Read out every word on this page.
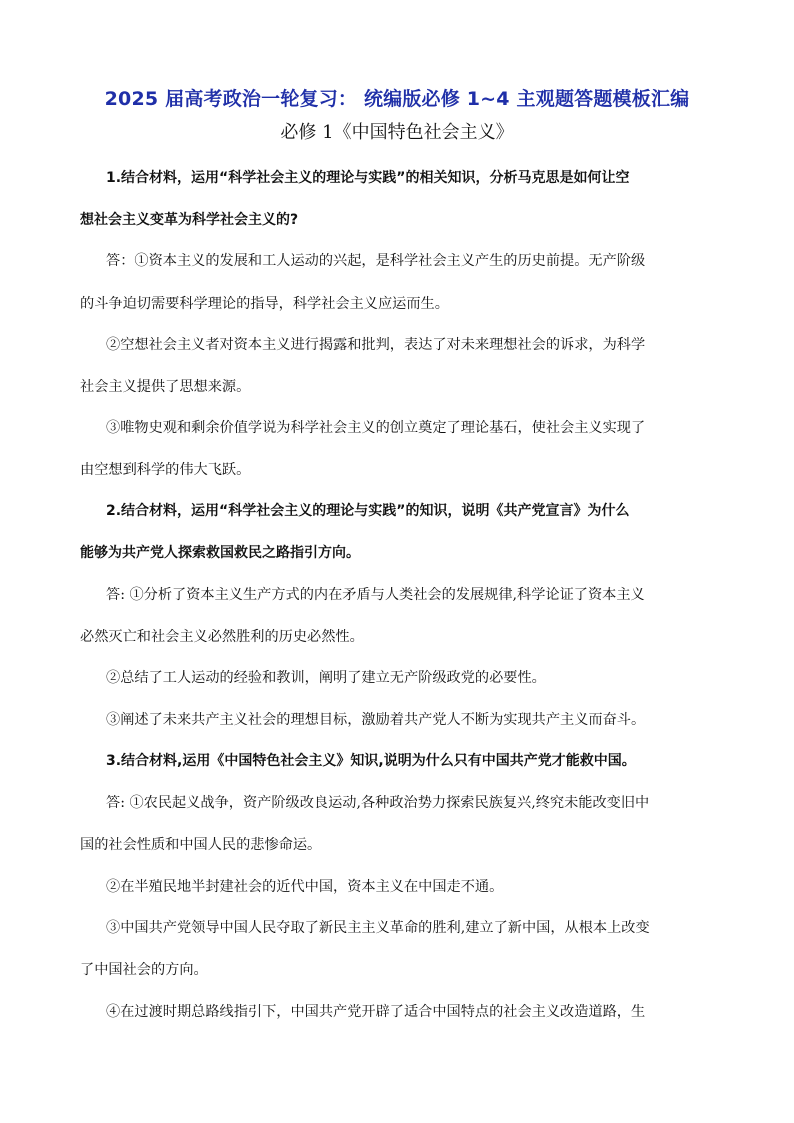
2025 届高考政治一轮复习： 统编版必修 1~4 主观题答题模板汇编
必修 1《中国特色社会主义》
1.结合材料，运用“科学社会主义的理论与实践”的相关知识，分析马克思是如何让空
想社会主义变革为科学社会主义的?
答：①资本主义的发展和工人运动的兴起，是科学社会主义产生的历史前提。无产阶级
的斗争迫切需要科学理论的指导，科学社会主义应运而生。
②空想社会主义者对资本主义进行揭露和批判，表达了对未来理想社会的诉求，为科学
社会主义提供了思想来源。
③唯物史观和剩余价值学说为科学社会主义的创立奠定了理论基石，使社会主义实现了
由空想到科学的伟大飞跃。
2.结合材料，运用“科学社会主义的理论与实践”的知识，说明《共产党宣言》为什么
能够为共产党人探索救国救民之路指引方向。
答: ①分析了资本主义生产方式的内在矛盾与人类社会的发展规律,科学论证了资本主义
必然灭亡和社会主义必然胜利的历史必然性。
②总结了工人运动的经验和教训，阐明了建立无产阶级政党的必要性。
③阐述了未来共产主义社会的理想目标，激励着共产党人不断为实现共产主义而奋斗。
3.结合材料,运用《中国特色社会主义》知识,说明为什么只有中国共产党才能救中国。
答: ①农民起义战争，资产阶级改良运动,各种政治势力探索民族复兴,终究未能改变旧中
国的社会性质和中国人民的悲惨命运。
②在半殖民地半封建社会的近代中国，资本主义在中国走不通。
③中国共产党领导中国人民夺取了新民主主义革命的胜利,建立了新中国，从根本上改变
了中国社会的方向。
④在过渡时期总路线指引下，中国共产党开辟了适合中国特点的社会主义改造道路，生
